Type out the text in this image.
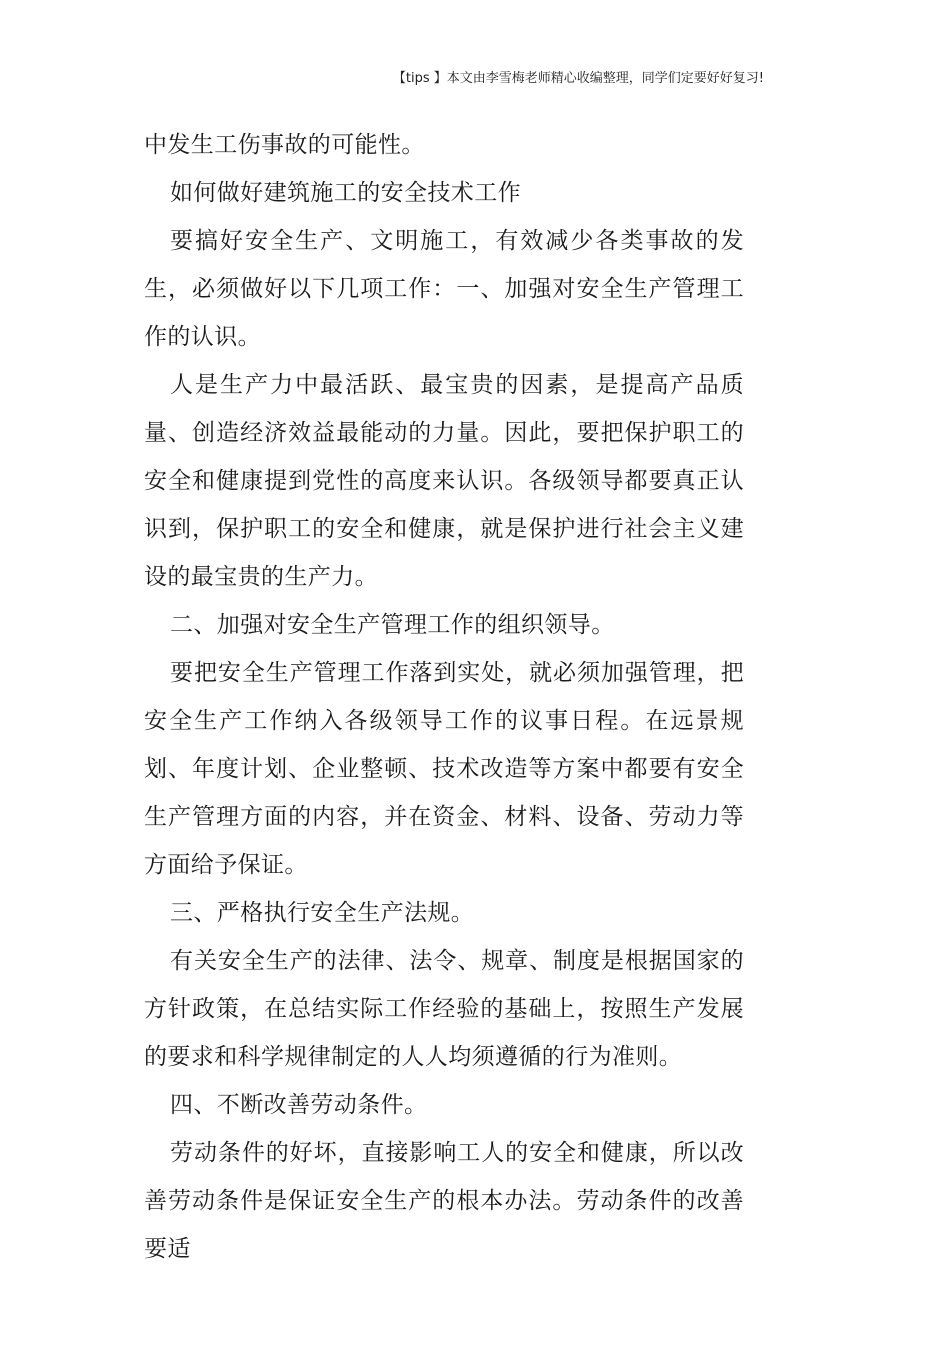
【tips 】本文由李雪梅老师精心收编整理，同学们定要好好复习!

中发生工伤事故的可能性。

如何做好建筑施工的安全技术工作

要搞好安全生产、文明施工，有效减少各类事故的发生，必须做好以下几项工作：一、加强对安全生产管理工作的认识。

人是生产力中最活跃、最宝贵的因素，是提高产品质量、创造经济效益最能动的力量。因此，要把保护职工的安全和健康提到党性的高度来认识。各级领导都要真正认识到，保护职工的安全和健康，就是保护进行社会主义建设的最宝贵的生产力。

二、加强对安全生产管理工作的组织领导。

要把安全生产管理工作落到实处，就必须加强管理，把安全生产工作纳入各级领导工作的议事日程。在远景规划、年度计划、企业整顿、技术改造等方案中都要有安全生产管理方面的内容，并在资金、材料、设备、劳动力等方面给予保证。

三、严格执行安全生产法规。

有关安全生产的法律、法令、规章、制度是根据国家的方针政策，在总结实际工作经验的基础上，按照生产发展的要求和科学规律制定的人人均须遵循的行为准则。

四、不断改善劳动条件。

劳动条件的好坏，直接影响工人的安全和健康，所以改善劳动条件是保证安全生产的根本办法。劳动条件的改善要适
